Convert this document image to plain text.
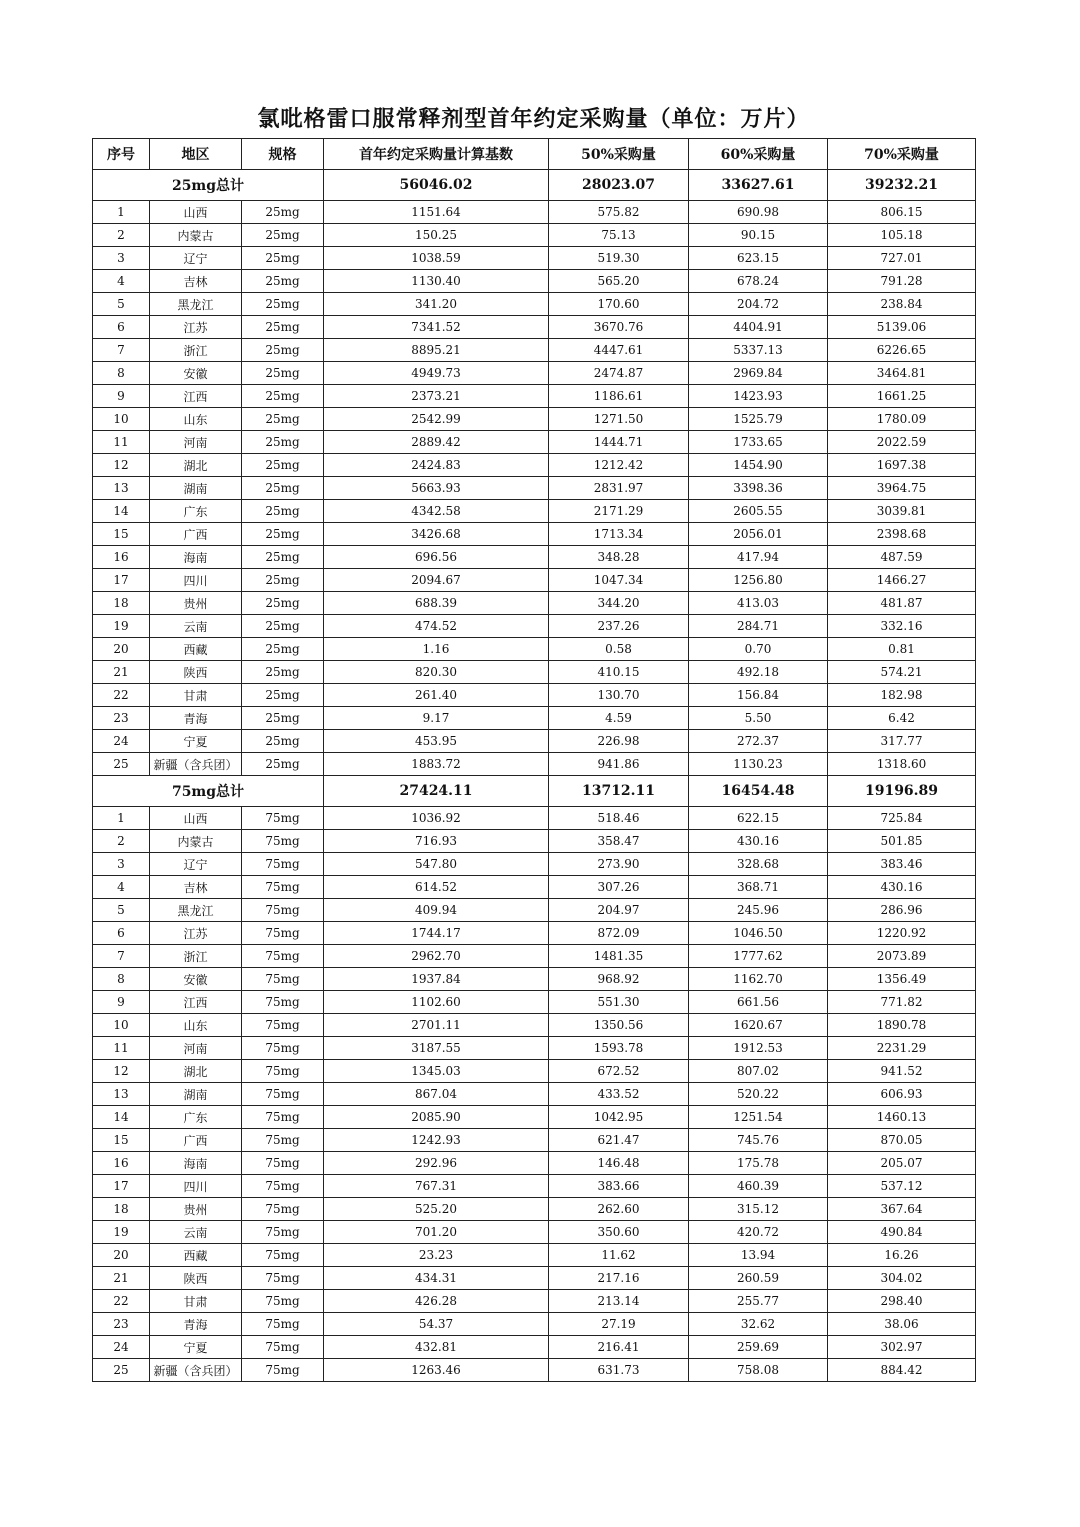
氯吡格雷口服常释剂型首年约定采购量（单位：万片）
序号	地区	规格	首年约定采购量计算基数	50%采购量	60%采购量	70%采购量
25mg总计			56046.02	28023.07	33627.61	39232.21
1	山西	25mg	1151.64	575.82	690.98	806.15
2	内蒙古	25mg	150.25	75.13	90.15	105.18
3	辽宁	25mg	1038.59	519.30	623.15	727.01
4	吉林	25mg	1130.40	565.20	678.24	791.28
5	黑龙江	25mg	341.20	170.60	204.72	238.84
6	江苏	25mg	7341.52	3670.76	4404.91	5139.06
7	浙江	25mg	8895.21	4447.61	5337.13	6226.65
8	安徽	25mg	4949.73	2474.87	2969.84	3464.81
9	江西	25mg	2373.21	1186.61	1423.93	1661.25
10	山东	25mg	2542.99	1271.50	1525.79	1780.09
11	河南	25mg	2889.42	1444.71	1733.65	2022.59
12	湖北	25mg	2424.83	1212.42	1454.90	1697.38
13	湖南	25mg	5663.93	2831.97	3398.36	3964.75
14	广东	25mg	4342.58	2171.29	2605.55	3039.81
15	广西	25mg	3426.68	1713.34	2056.01	2398.68
16	海南	25mg	696.56	348.28	417.94	487.59
17	四川	25mg	2094.67	1047.34	1256.80	1466.27
18	贵州	25mg	688.39	344.20	413.03	481.87
19	云南	25mg	474.52	237.26	284.71	332.16
20	西藏	25mg	1.16	0.58	0.70	0.81
21	陕西	25mg	820.30	410.15	492.18	574.21
22	甘肃	25mg	261.40	130.70	156.84	182.98
23	青海	25mg	9.17	4.59	5.50	6.42
24	宁夏	25mg	453.95	226.98	272.37	317.77
25	新疆（含兵团）	25mg	1883.72	941.86	1130.23	1318.60
75mg总计			27424.11	13712.11	16454.48	19196.89
1	山西	75mg	1036.92	518.46	622.15	725.84
2	内蒙古	75mg	716.93	358.47	430.16	501.85
3	辽宁	75mg	547.80	273.90	328.68	383.46
4	吉林	75mg	614.52	307.26	368.71	430.16
5	黑龙江	75mg	409.94	204.97	245.96	286.96
6	江苏	75mg	1744.17	872.09	1046.50	1220.92
7	浙江	75mg	2962.70	1481.35	1777.62	2073.89
8	安徽	75mg	1937.84	968.92	1162.70	1356.49
9	江西	75mg	1102.60	551.30	661.56	771.82
10	山东	75mg	2701.11	1350.56	1620.67	1890.78
11	河南	75mg	3187.55	1593.78	1912.53	2231.29
12	湖北	75mg	1345.03	672.52	807.02	941.52
13	湖南	75mg	867.04	433.52	520.22	606.93
14	广东	75mg	2085.90	1042.95	1251.54	1460.13
15	广西	75mg	1242.93	621.47	745.76	870.05
16	海南	75mg	292.96	146.48	175.78	205.07
17	四川	75mg	767.31	383.66	460.39	537.12
18	贵州	75mg	525.20	262.60	315.12	367.64
19	云南	75mg	701.20	350.60	420.72	490.84
20	西藏	75mg	23.23	11.62	13.94	16.26
21	陕西	75mg	434.31	217.16	260.59	304.02
22	甘肃	75mg	426.28	213.14	255.77	298.40
23	青海	75mg	54.37	27.19	32.62	38.06
24	宁夏	75mg	432.81	216.41	259.69	302.97
25	新疆（含兵团）	75mg	1263.46	631.73	758.08	884.42
